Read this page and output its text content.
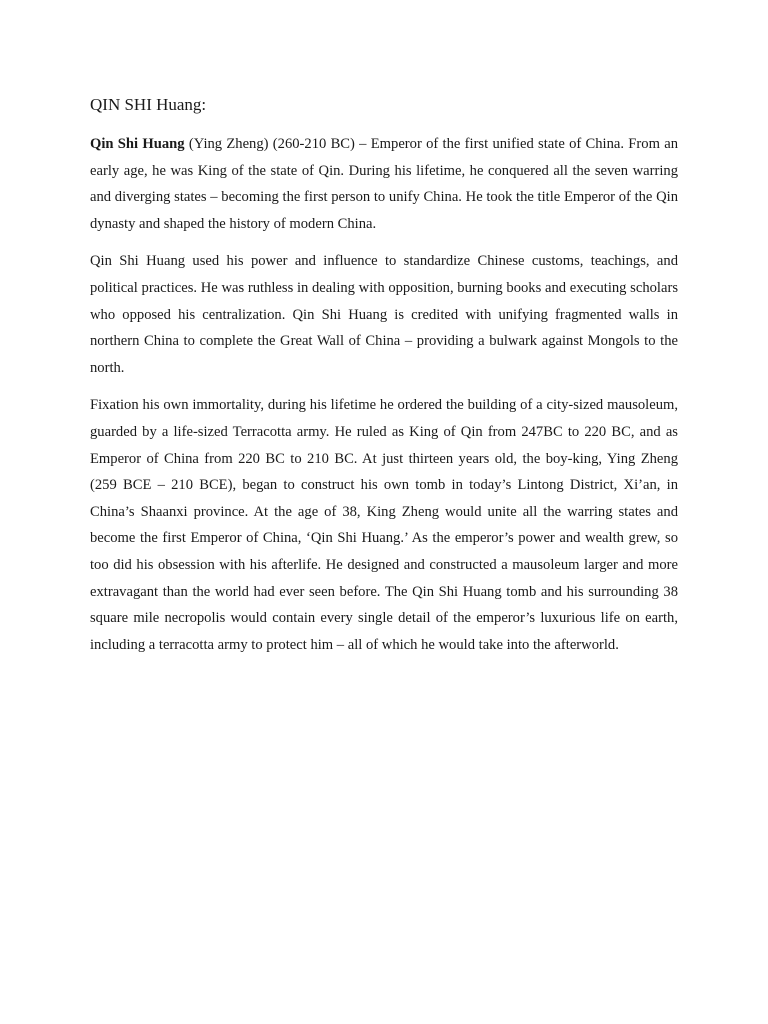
QIN SHI Huang:

Qin Shi Huang (Ying Zheng) (260-210 BC) – Emperor of the first unified state of China. From an early age, he was King of the state of Qin. During his lifetime, he conquered all the seven warring and diverging states – becoming the first person to unify China. He took the title Emperor of the Qin dynasty and shaped the history of modern China.

Qin Shi Huang used his power and influence to standardize Chinese customs, teachings, and political practices. He was ruthless in dealing with opposition, burning books and executing scholars who opposed his centralization. Qin Shi Huang is credited with unifying fragmented walls in northern China to complete the Great Wall of China – providing a bulwark against Mongols to the north.

Fixation his own immortality, during his lifetime he ordered the building of a city-sized mausoleum, guarded by a life-sized Terracotta army. He ruled as King of Qin from 247BC to 220 BC, and as Emperor of China from 220 BC to 210 BC. At just thirteen years old, the boy-king, Ying Zheng (259 BCE – 210 BCE), began to construct his own tomb in today’s Lintong District, Xi’an, in China’s Shaanxi province. At the age of 38, King Zheng would unite all the warring states and become the first Emperor of China, ‘Qin Shi Huang.’ As the emperor’s power and wealth grew, so too did his obsession with his afterlife. He designed and constructed a mausoleum larger and more extravagant than the world had ever seen before. The Qin Shi Huang tomb and his surrounding 38 square mile necropolis would contain every single detail of the emperor’s luxurious life on earth, including a terracotta army to protect him – all of which he would take into the afterworld.
